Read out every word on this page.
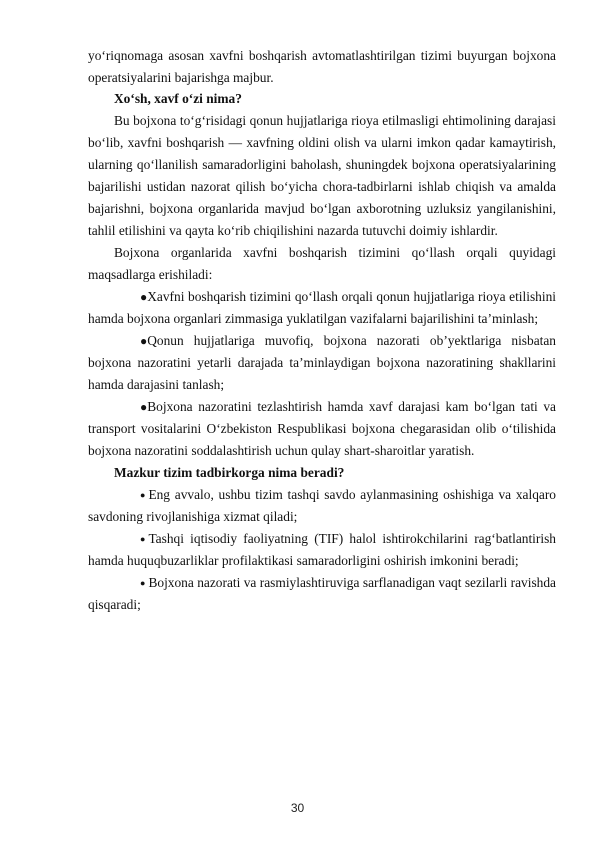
yo‘riqnomaga asosan xavfni boshqarish avtomatlashtirilgan tizimi buyurgan bojxona operatsiyalarini bajarishga majbur.

Xo‘sh, xavf o‘zi nima?

Bu bojxona to‘g‘risidagi qonun hujjatlariga rioya etilmasligi ehtimolining darajasi bo‘lib, xavfni boshqarish — xavfning oldini olish va ularni imkon qadar kamaytirish, ularning qo‘llanilish samaradorligini baholash, shuningdek bojxona operatsiyalarining bajarilishi ustidan nazorat qilish bo‘yicha chora-tadbirlarni ishlab chiqish va amalda bajarishni, bojxona organlarida mavjud bo‘lgan axborotning uzluksiz yangilanishini, tahlil etilishini va qayta ko‘rib chiqilishini nazarda tutuvchi doimiy ishlardir.

Bojxona organlarida xavfni boshqarish tizimini qo‘llash orqali quyidagi maqsadlarga erishiladi:

●Xavfni boshqarish tizimini qo‘llash orqali qonun hujjatlariga rioya etilishini hamda bojxona organlari zimmasiga yuklatilgan vazifalarni bajarilishini ta’minlash;

●Qonun hujjatlariga muvofiq, bojxona nazorati ob’yektlariga nisbatan bojxona nazoratini yetarli darajada ta’minlaydigan bojxona nazoratining shakllarini hamda darajasini tanlash;

●Bojxona nazoratini tezlashtirish hamda xavf darajasi kam bo‘lgan tati va transport vositalarini O‘zbekiston Respublikasi bojxona chegarasidan olib o‘tilishida bojxona nazoratini soddalashtirish uchun qulay shart-sharoitlar yaratish.

Mazkur tizim tadbirkorga nima beradi?

● Eng avvalo, ushbu tizim tashqi savdo aylanmasining oshishiga va xalqaro savdoning rivojlanishiga xizmat qiladi;

● Tashqi iqtisodiy faoliyatning (TIF) halol ishtirokchilarini rag‘batlantirish hamda huquqbuzarliklar profilaktikasi samaradorligini oshirish imkonini beradi;

● Bojxona nazorati va rasmiylashtiruviga sarflanadigan vaqt sezilarli ravishda qisqaradi;

30
